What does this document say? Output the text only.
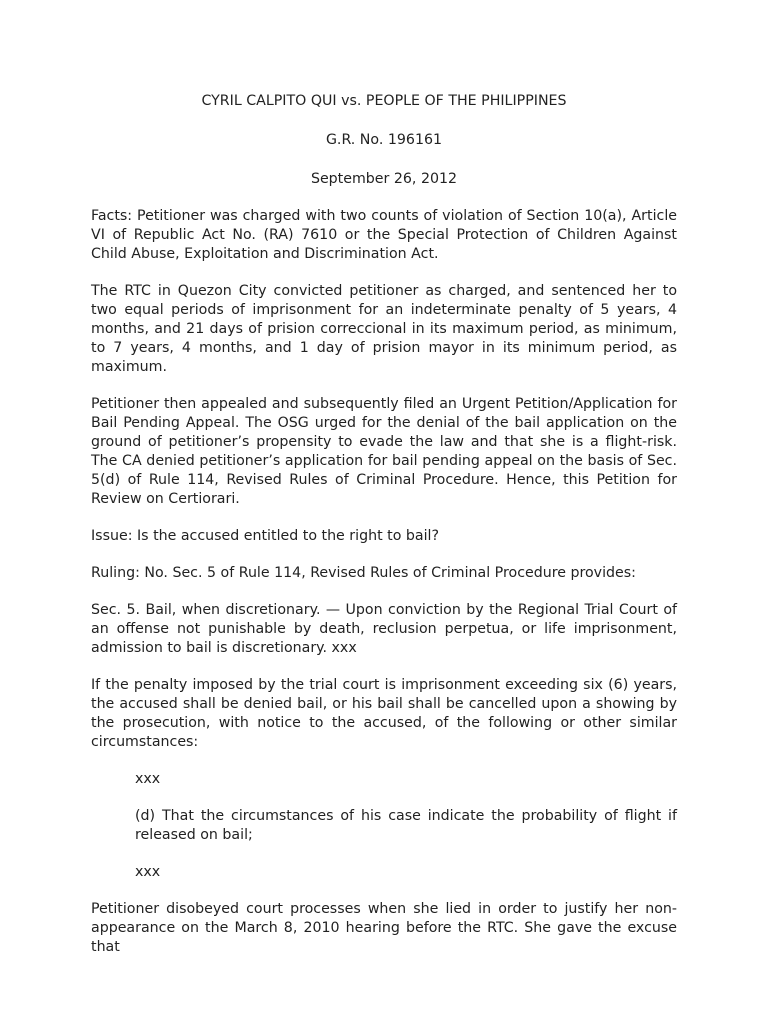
CYRIL CALPITO QUI vs. PEOPLE OF THE PHILIPPINES

G.R. No. 196161

September 26, 2012

Facts: Petitioner was charged with two counts of violation of Section 10(a), Article VI of Republic Act No. (RA) 7610 or the Special Protection of Children Against Child Abuse, Exploitation and Discrimination Act.

The RTC in Quezon City convicted petitioner as charged, and sentenced her to two equal periods of imprisonment for an indeterminate penalty of 5 years, 4 months, and 21 days of prision correccional in its maximum period, as minimum, to 7 years, 4 months, and 1 day of prision mayor in its minimum period, as maximum.

Petitioner then appealed and subsequently filed an Urgent Petition/Application for Bail Pending Appeal. The OSG urged for the denial of the bail application on the ground of petitioner’s propensity to evade the law and that she is a flight-risk. The CA denied petitioner’s application for bail pending appeal on the basis of Sec. 5(d) of Rule 114, Revised Rules of Criminal Procedure. Hence, this Petition for Review on Certiorari.

Issue: Is the accused entitled to the right to bail?

Ruling: No. Sec. 5 of Rule 114, Revised Rules of Criminal Procedure provides:

Sec. 5. Bail, when discretionary. — Upon conviction by the Regional Trial Court of an offense not punishable by death, reclusion perpetua, or life imprisonment, admission to bail is discretionary. xxx

If the penalty imposed by the trial court is imprisonment exceeding six (6) years, the accused shall be denied bail, or his bail shall be cancelled upon a showing by the prosecution, with notice to the accused, of the following or other similar circumstances:

xxx

(d) That the circumstances of his case indicate the probability of flight if released on bail;

xxx

Petitioner disobeyed court processes when she lied in order to justify her non-appearance on the March 8, 2010 hearing before the RTC. She gave the excuse that
